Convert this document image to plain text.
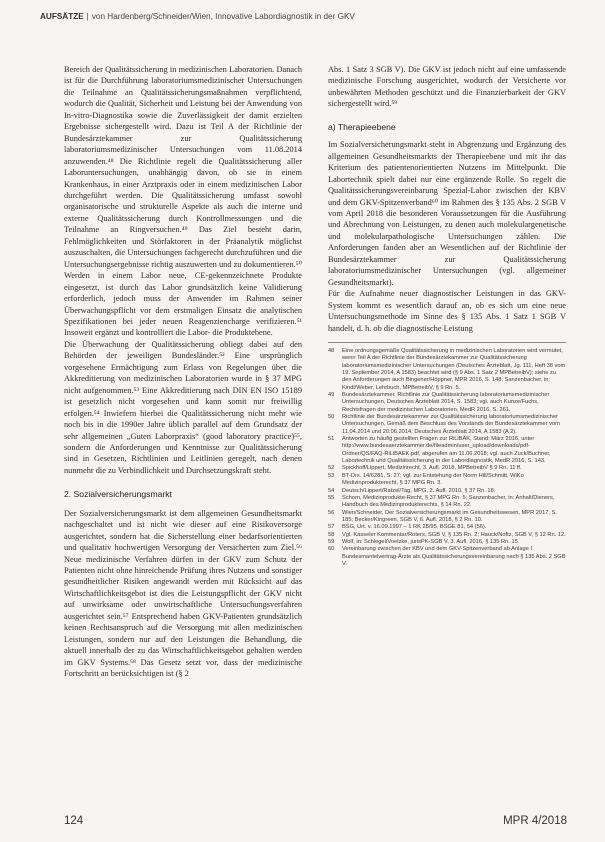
AUFSÄTZE | von Hardenberg/Schneider/Wien, Innovative Labordiagnostik in der GKV

Bereich der Qualitätssicherung in medizinischen Laboratorien. Danach ist für die Durchführung laboratoriumsmedizinischer Untersuchungen die Teilnahme an Qualitätssicherungsmaßnahmen verpflichtend, wodurch die Qualität, Sicherheit und Leistung bei der Anwendung von In-vitro-Diagnostika sowie die Zuverlässigkeit der damit erzielten Ergebnisse sichergestellt wird. Dazu ist Teil A der Richtlinie der Bundesärztekammer zur Qualitätssicherung laboratoriumsmedizinischer Untersuchungen vom 11.08.2014 anzuwenden.⁴⁸ Die Richtlinie regelt die Qualitätssicherung aller Laboruntersuchungen, unabhängig davon, ob sie in einem Krankenhaus, in einer Arztpraxis oder in einem medizinischen Labor durchgeführt werden. Die Qualitätssicherung umfasst sowohl organisatorische und strukturelle Aspekte als auch die interne und externe Qualitätssicherung durch Kontrollmessungen und die Teilnahme an Ringversuchen.⁴⁹ Das Ziel besteht darin, Fehlmöglichkeiten und Störfaktoren in der Präanalytik möglichst auszuschalten, die Untersuchungen fachgerecht durchzuführen und die Untersuchungsergebnisse richtig auszuwerten und zu dokumentieren.⁵⁰ Werden in einem Labor neue, CE-gekennzeichnete Produkte eingesetzt, ist durch das Labor grundsätzlich keine Validierung erforderlich, jedoch muss der Anwender im Rahmen seiner Überwachungspflicht vor dem erstmaligen Einsatz die analytischen Spezifikationen bei jeder neuen Reagenziencharge verifizieren.⁵¹ Insoweit ergänzt und kontrolliert die Labor- die Produktebene.

Die Überwachung der Qualitätssicherung obliegt dabei auf den Behörden der jeweiligen Bundesländer.⁵² Eine ursprünglich vorgesehene Ermächtigung zum Erlass von Regelungen über die Akkreditierung von medizinischen Laboratorien wurde in § 37 MPG nicht aufgenommen.⁵³ Eine Akkreditierung nach DIN EN ISO 15189 ist gesetzlich nicht vorgesehen und kann somit nur freiwillig erfolgen.⁵⁴ Inwiefern hierbei die Qualitätssicherung nicht mehr wie noch bis in die 1990er Jahre üblich parallel auf dem Grundsatz der sehr allgemeinen „Guten Laborpraxis“ (good laboratory practice)⁵⁵, sondern die Anforderungen und Kenntnisse zur Qualitätssicherung sind in Gesetzen, Richtlinien und Leitlinien geregelt, nach denen nunmehr die zu Verbindlichkeit und Durchsetzungskraft steht.

2. Sozialversicherungsmarkt

Der Sozialversicherungsmarkt ist dem allgemeinen Gesundheitsmarkt nachgeschaltet und ist nicht wie dieser auf eine Risikoversorge ausgerichtet, sondern hat die Sicherstellung einer bedarfsorientierten und qualitativ hochwertigen Versorgung der Versicherten zum Ziel.⁵⁶ Neue medizinische Verfahren dürfen in der GKV zum Schutz der Patienten nicht ohne hinreichende Prüfung ihres Nutzens und sonstiger gesundheitlicher Risiken angewandt werden mit Rücksicht auf das Wirtschaftlichkeitsgebot ist dies die Leistungspflicht der GKV nicht auf unwirksame oder unwirtschaftliche Untersuchungsverfahren ausgerichtet sein.⁵⁷ Entsprechend haben GKV-Patienten grundsätzlich keinen Rechtsanspruch auf die Versorgung mit allen medizinischen Leistungen, sondern nur auf den Leistungen die Behandlung, die aktuell innerhalb der zu das Wirtschaftlichkeitsgebot gehalten werden im GKV Systems.⁵⁸ Das Gesetz setzt vor, dass der medizinische Fortschritt an berücksichtigen ist (§ 2

Abs. 1 Satz 3 SGB V). Die GKV ist jedoch nicht auf eine umfassende medizinische Forschung ausgerichtet, wodurch der Versicherte vor unbewährten Methoden geschützt und die Finanzierbarkeit der GKV sichergestellt wird.⁵⁹

a) Therapieebene

Im Sozialversicherungsmarkt steht in Abgrenzung und Ergänzung des allgemeinen Gesundheitsmarkts der Therapieebene und mit ihr das Kriterium des patientenorientierten Nutzens im Mittelpunkt. Die Labortechnik spielt dabei nur eine ergänzende Rolle. So regelt die Qualitätssicherungsvereinbarung Spezial-Labor zwischen der KBV und dem GKV-Spitzenverband⁶⁰ im Rahmen des § 135 Abs. 2 SGB V vom April 2018 die besonderen Voraussetzungen für die Ausführung und Abrechnung von Leistungen, zu denen auch molekulargenetische und molekularpathologische Untersuchungen zählen. Die Anforderungen fanden aber an Wesentlichen auf der Richtlinie der Bundesärztekammer zur Qualitätssicherung laboratoriumsmedizinischer Untersuchungen (vgl. allgemeiner Gesundheitsmarkt).

Für die Aufnahme neuer diagnostischer Leistungen in das GKV-System kommt es wesentlich darauf an, ob es sich um eine neue Untersuchungsmethode im Sinne des § 135 Abs. 1 Satz 1 SGB V handelt, d. h. ob die diagnostische Leistung

48	Eine ordnungsgemäße Qualitätssicherung in medizinischen Laboratorien wird vermutet, wenn Teil A der Richtlinie der Bundesärztekammer zur Qualitätssicherung laboratoriumsmedizinischer Untersuchungen (Deutsches Ärzteblatt, Jg. 111, Heft 38 vom 19. September 2014, A 1583) beachtet wird (§ 9 Abs. 1 Satz 2 MPBetreibV); siehe zu den Anforderungen auch Bingener/Höppner, MPR 2016, S. 148; Sanzenbacher, in: Kindl/Weber, Lehrbuch, MPBetreibV, § 9 Rn. 5.
49	Bundesärztekammer, Richtlinie zur Qualitätssicherung laboratoriumsmedizinischer Untersuchungen, Deutsches Ärzteblatt 2014, S. 1583; vgl. auch Kunze/Fuchs, Rechtsfragen der medizinischen Laboratorien, MedR 2016, S. 261.
50	Richtlinie der Bundesärztekammer zur Qualitätssicherung laboratoriumsmedizinischer Untersuchungen, Gemäß dem Beschluss des Vorstands der Bundesärztekammer vom 11.04.2014 und 20.06.2014, Deutsches Ärzteblatt 2014, A 1583 (A 2).
51	Antworten zu häufig gestellten Fragen zur RiLiBÄK, Stand: März 2016, unter http://www.bundesaerztekammer.de/fileadmin/user_upload/downloads/pdf-Ordner/QS/FAQ-RiLiBAEK.pdf, abgerufen am 11.06.2018; vgl. auch Zuck/Buchner, Labortechnik und Qualitätssicherung in der Labordiagnostik, MedR 2016, S. 143.
52	Spickhoff/Lippert, Medizinrecht, 3. Aufl. 2018, MPBetreibV § 9 Rn. 11 ff.
53	BT-Drs. 14/6281, S. 27; vgl. zur Entstehung der Norm Hill/Schmitt, WiKo Medizinprodukterecht, § 37 MPG Rn. 3.
54	Deutsch/Lippert/Ratzel/Tag, MPG, 2. Aufl. 2010, § 37 Rn. 18.
55	Schorn, Medizinprodukte-Recht, § 37 MPG Rn. 5; Sanzenbacher, in: Anhalt/Dieners, Handbuch des Medizinprodukterechts, § 14 Rn. 22.
56	Wien/Schneider, Der Sozialversicherungsmarkt im Gesundheitswesen, MPR 2017, S. 185; Becker/Kingreen, SGB V, 6. Aufl. 2018, § 2 Rn. 10.
57	BSG, Urt. v. 16.09.1997 – 1 RK 28/95, BSGE 81, 54 (56).
58	Vgl. Kasseler Kommentar/Roters, SGB V, § 135 Rn. 2; Hauck/Noftz, SGB V, § 12 Rn. 12.
59	Wolf, in: Schlegel/Voelzke, jurisPK-SGB V, 3. Aufl. 2016, § 135 Rn. 15.
60	Vereinbarung zwischen der KBV und dem GKV-Spitzenverband ab Anlage I Bundesmantelvertrag-Ärzte als Qualitätssicherungsvereinbarung nach § 135 Abs. 2 SGB V.
124	MPR 4/2018
